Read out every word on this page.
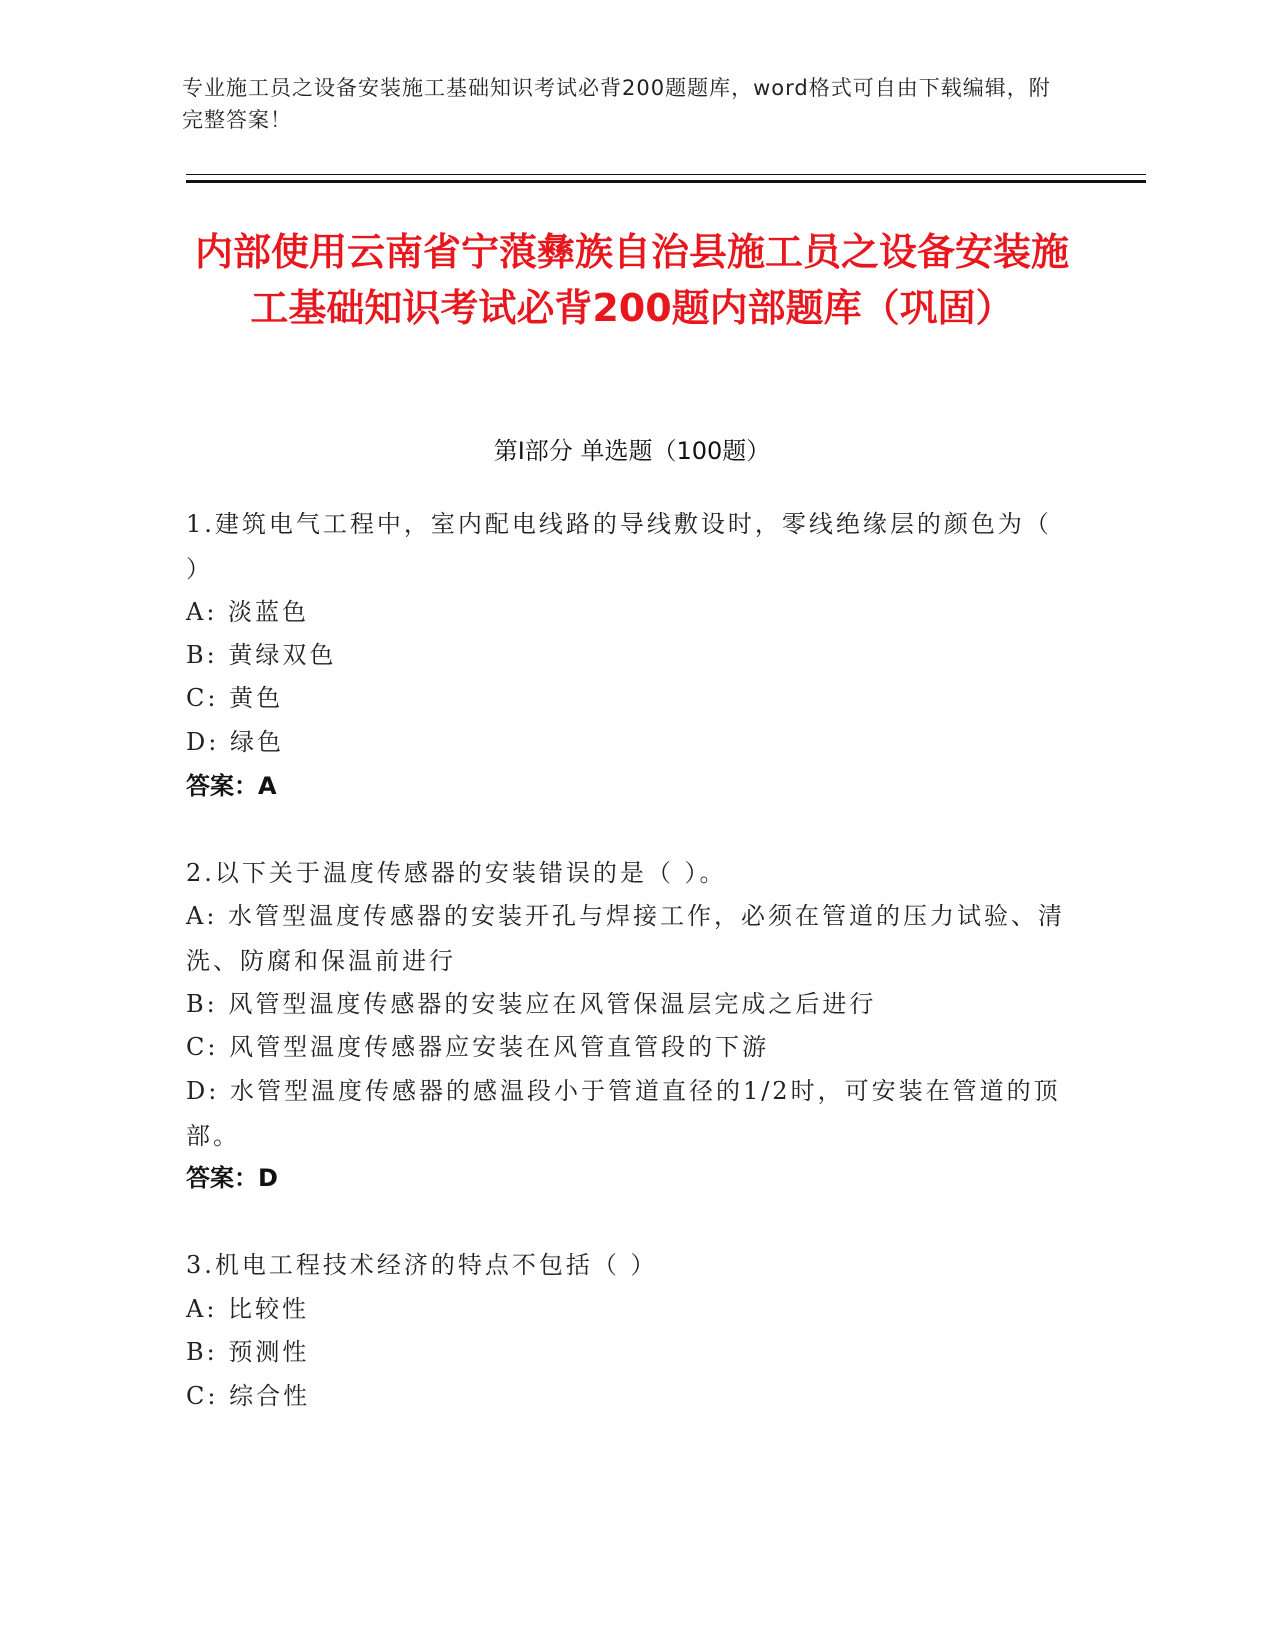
专业施工员之设备安装施工基础知识考试必背200题题库，word格式可自由下载编辑，附完整答案！
内部使用云南省宁蒗彝族自治县施工员之设备安装施工基础知识考试必背200题内部题库（巩固）
第I部分 单选题（100题）
1.建筑电气工程中，室内配电线路的导线敷设时，零线绝缘层的颜色为（ ）
A: 淡蓝色
B: 黄绿双色
C: 黄色
D: 绿色
答案：A
2.以下关于温度传感器的安装错误的是（ ）。
A: 水管型温度传感器的安装开孔与焊接工作，必须在管道的压力试验、清洗、防腐和保温前进行
B: 风管型温度传感器的安装应在风管保温层完成之后进行
C: 风管型温度传感器应安装在风管直管段的下游
D: 水管型温度传感器的感温段小于管道直径的1/2时，可安装在管道的顶部。
答案：D
3.机电工程技术经济的特点不包括（ ）
A: 比较性
B: 预测性
C: 综合性
